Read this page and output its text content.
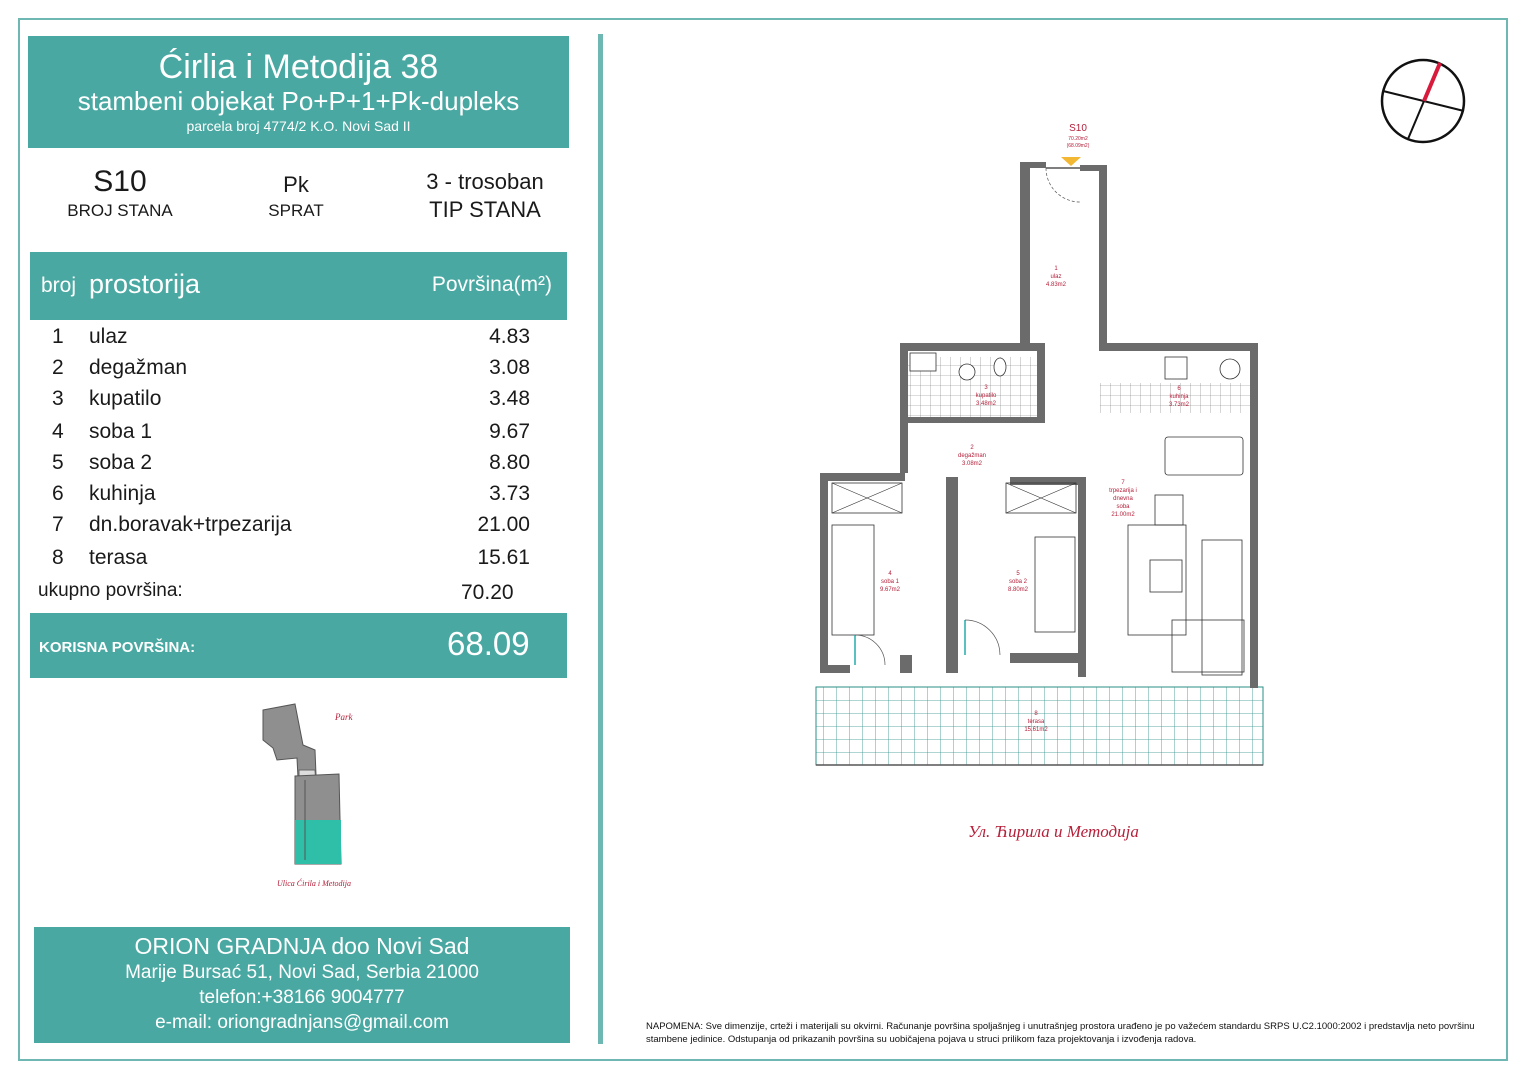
Ćirlia i Metodija 38
stambeni objekat Po+P+1+Pk-dupleks
parcela broj 4774/2 K.O. Novi Sad II
S10
BROJ STANA
Pk
SPRAT
3 - trosoban
TIP STANA
broj prostorija	Površina(m²)
1 ulaz	4.83
2 degažman	3.08
3 kupatilo	3.48
4 soba 1	9.67
5 soba 2	8.80
6 kuhinja	3.73
7 dn.boravak+trpezarija	21.00
8 terasa	15.61
ukupno površina:	70.20
KORISNA POVRŠINA:	68.09
Park
Ulica Ćirila i Metodija
S10
70.20m2
(68.09m2)
1
ulaz
4.83m2
2
degažman
3.08m2
3
kupatilo
3.48m2
4
soba 1
9.67m2
5
soba 2
8.80m2
6
kuhinja
3.73m2
7
trpezarija i
dnevna
soba
21.00m2
8
terasa
15.61m2
Ул. Ћирила и Методија
ORION GRADNJA doo Novi Sad
Marije Bursać 51, Novi Sad, Serbia 21000
telefon:+38166 9004777
e-mail: oriongradnjans@gmail.com	NAPOMENA: Sve dimenzije, crteži i materijali su okvirni. Računanje površina spoljašnjeg i unutrašnjeg prostora urađeno je po važećem standardu SRPS U.C2.1000:2002 i predstavlja neto površinu stambene jedinice. Odstupanja od prikazanih površina su uobičajena pojava u struci prilikom faza projektovanja i izvođenja radova.
